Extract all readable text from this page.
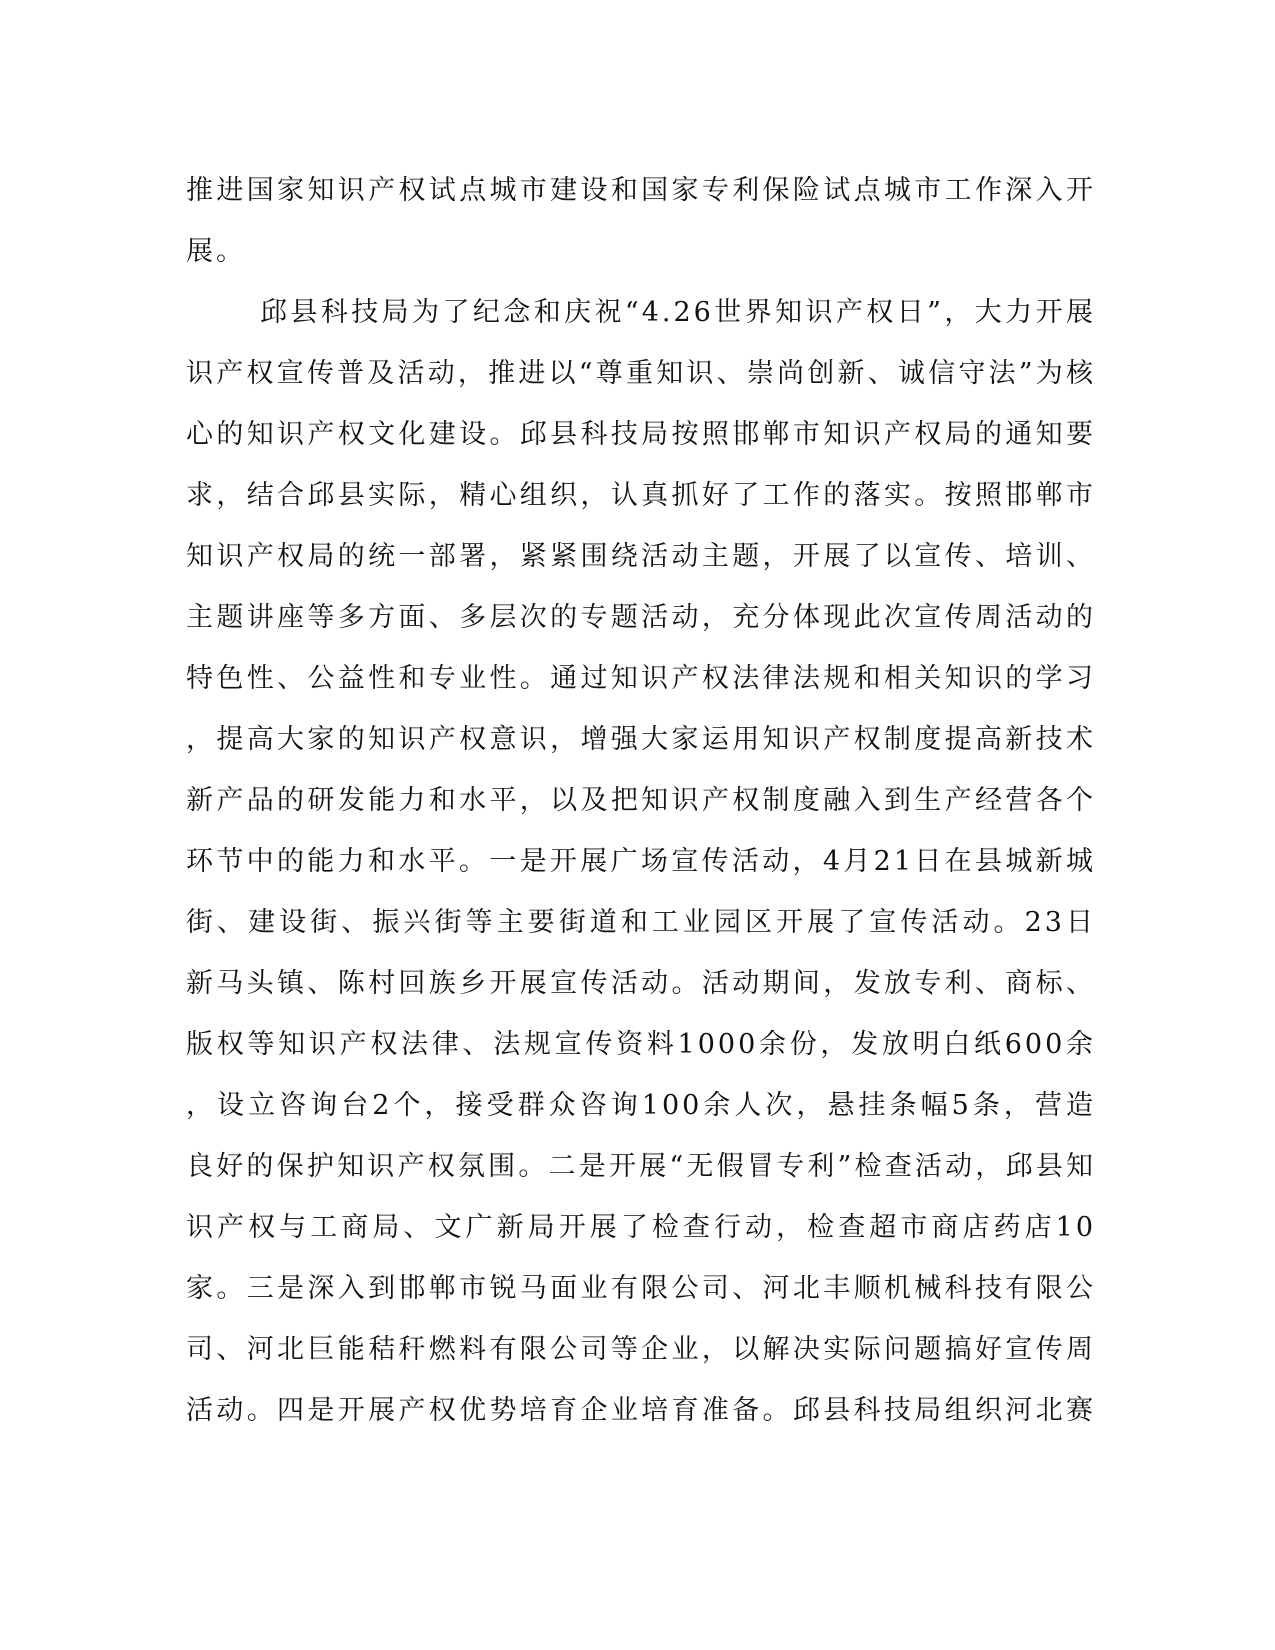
推进国家知识产权试点城市建设和国家专利保险试点城市工作深入开
展。
邱县科技局为了纪念和庆祝“4.26世界知识产权日”，大力开展
识产权宣传普及活动，推进以“尊重知识、崇尚创新、诚信守法”为核
心的知识产权文化建设。邱县科技局按照邯郸市知识产权局的通知要
求，结合邱县实际，精心组织，认真抓好了工作的落实。按照邯郸市
知识产权局的统一部署，紧紧围绕活动主题，开展了以宣传、培训、
主题讲座等多方面、多层次的专题活动，充分体现此次宣传周活动的
特色性、公益性和专业性。通过知识产权法律法规和相关知识的学习
，提高大家的知识产权意识，增强大家运用知识产权制度提高新技术
新产品的研发能力和水平，以及把知识产权制度融入到生产经营各个
环节中的能力和水平。一是开展广场宣传活动，4月21日在县城新城
街、建设街、振兴街等主要街道和工业园区开展了宣传活动。23日
新马头镇、陈村回族乡开展宣传活动。活动期间，发放专利、商标、
版权等知识产权法律、法规宣传资料1000余份，发放明白纸600余
，设立咨询台2个，接受群众咨询100余人次，悬挂条幅5条，营造
良好的保护知识产权氛围。二是开展“无假冒专利”检查活动，邱县知
识产权与工商局、文广新局开展了检查行动，检查超市商店药店10
家。三是深入到邯郸市锐马面业有限公司、河北丰顺机械科技有限公
司、河北巨能秸秆燃料有限公司等企业，以解决实际问题搞好宣传周
活动。四是开展产权优势培育企业培育准备。邱县科技局组织河北赛
